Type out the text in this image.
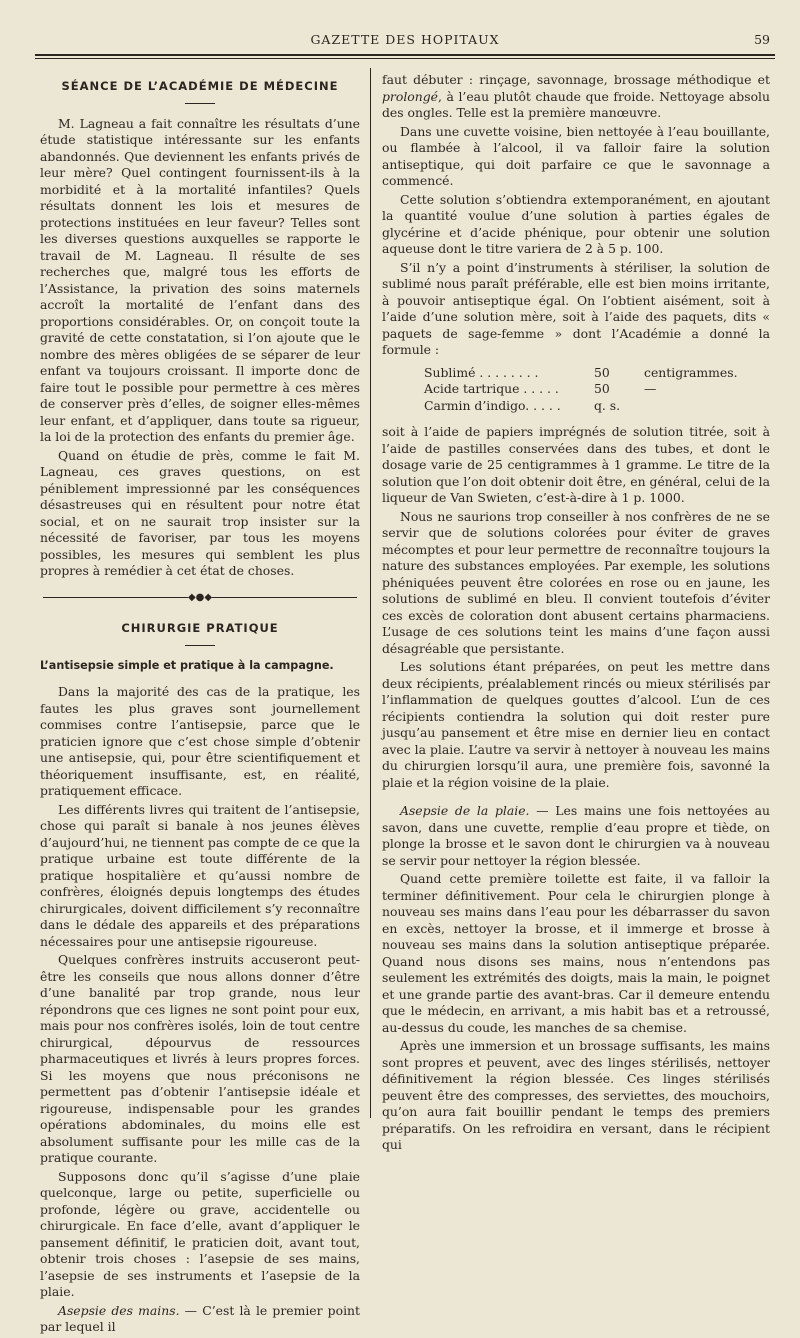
GAZETTE DES HOPITAUX	59
SÉANCE DE L’ACADÉMIE DE MÉDECINE

M. Lagneau a fait connaître les résultats d’une étude statistique intéressante sur les enfants abandonnés. Que deviennent les enfants privés de leur mère? Quel contingent fournissent-ils à la morbidité et à la mortalité infantiles? Quels résultats donnent les lois et mesures de protections instituées en leur faveur? Telles sont les diverses questions auxquelles se rapporte le travail de M. Lagneau. Il résulte de ses recherches que, malgré tous les efforts de l’Assistance, la privation des soins maternels accroît la mortalité de l’enfant dans des proportions considérables. Or, on conçoit toute la gravité de cette constatation, si l’on ajoute que le nombre des mères obligées de se séparer de leur enfant va toujours croissant. Il importe donc de faire tout le possible pour permettre à ces mères de conserver près d’elles, de soigner elles-mêmes leur enfant, et d’appliquer, dans toute sa rigueur, la loi de la protection des enfants du premier âge.

Quand on étudie de près, comme le fait M. Lagneau, ces graves questions, on est péniblement impressionné par les conséquences désastreuses qui en résultent pour notre état social, et on ne saurait trop insister sur la nécessité de favoriser, par tous les moyens possibles, les mesures qui semblent les plus propres à remédier à cet état de choses.

◆●◆
CHIRURGIE PRATIQUE
L’antisepsie simple et pratique à la campagne.

Dans la majorité des cas de la pratique, les fautes les plus graves sont journellement commises contre l’antisepsie, parce que le praticien ignore que c’est chose simple d’obtenir une antisepsie, qui, pour être scientifiquement et théoriquement insuffisante, est, en réalité, pratiquement efficace.

Les différents livres qui traitent de l’antisepsie, chose qui paraît si banale à nos jeunes élèves d’aujourd’hui, ne tiennent pas compte de ce que la pratique urbaine est toute différente de la pratique hospitalière et qu’aussi nombre de confrères, éloignés depuis longtemps des études chirurgicales, doivent difficilement s’y reconnaître dans le dédale des appareils et des préparations nécessaires pour une antisepsie rigoureuse.

Quelques confrères instruits accuseront peut-être les conseils que nous allons donner d’être d’une banalité par trop grande, nous leur répondrons que ces lignes ne sont point pour eux, mais pour nos confrères isolés, loin de tout centre chirurgical, dépourvus de ressources pharmaceutiques et livrés à leurs propres forces. Si les moyens que nous préconisons ne permettent pas d’obtenir l’antisepsie idéale et rigoureuse, indispensable pour les grandes opérations abdominales, du moins elle est absolument suffisante pour les mille cas de la pratique courante.

Supposons donc qu’il s’agisse d’une plaie quelconque, large ou petite, superficielle ou profonde, légère ou grave, accidentelle ou chirurgicale. En face d’elle, avant d’appliquer le pansement définitif, le praticien doit, avant tout, obtenir trois choses : l’asepsie de ses mains, l’asepsie de ses instruments et l’asepsie de la plaie.

Asepsie des mains. — C’est là le premier point par lequel il

faut débuter : rinçage, savonnage, brossage méthodique et prolongé, à l’eau plutôt chaude que froide. Nettoyage absolu des ongles. Telle est la première manœuvre.

Dans une cuvette voisine, bien nettoyée à l’eau bouillante, ou flambée à l’alcool, il va falloir faire la solution antiseptique, qui doit parfaire ce que le savonnage a commencé.

Cette solution s’obtiendra extemporanément, en ajoutant la quantité voulue d’une solution à parties égales de glycérine et d’acide phénique, pour obtenir une solution aqueuse dont le titre variera de 2 à 5 p. 100.

S’il n’y a point d’instruments à stériliser, la solution de sublimé nous paraît préférable, elle est bien moins irritante, à pouvoir antiseptique égal. On l’obtient aisément, soit à l’aide d’une solution mère, soit à l’aide des paquets, dits « paquets de sage-femme » dont l’Académie a donné la formule :

Sublimé . . . . . . . .	50	centigrammes.
Acide tartrique . . . . .	50	—
Carmin d’indigo. . . . .	q. s.

soit à l’aide de papiers imprégnés de solution titrée, soit à l’aide de pastilles conservées dans des tubes, et dont le dosage varie de 25 centigrammes à 1 gramme. Le titre de la solution que l’on doit obtenir doit être, en général, celui de la liqueur de Van Swieten, c’est-à-dire à 1 p. 1000.

Nous ne saurions trop conseiller à nos confrères de ne se servir que de solutions colorées pour éviter de graves mécomptes et pour leur permettre de reconnaître toujours la nature des substances employées. Par exemple, les solutions phéniquées peuvent être colorées en rose ou en jaune, les solutions de sublimé en bleu. Il convient toutefois d’éviter ces excès de coloration dont abusent certains pharmaciens. L’usage de ces solutions teint les mains d’une façon aussi désagréable que persistante.

Les solutions étant préparées, on peut les mettre dans deux récipients, préalablement rincés ou mieux stérilisés par l’inflammation de quelques gouttes d’alcool. L’un de ces récipients contiendra la solution qui doit rester pure jusqu’au pansement et être mise en dernier lieu en contact avec la plaie. L’autre va servir à nettoyer à nouveau les mains du chirurgien lorsqu’il aura, une première fois, savonné la plaie et la région voisine de la plaie.

Asepsie de la plaie. — Les mains une fois nettoyées au savon, dans une cuvette, remplie d’eau propre et tiède, on plonge la brosse et le savon dont le chirurgien va à nouveau se servir pour nettoyer la région blessée.

Quand cette première toilette est faite, il va falloir la terminer définitivement. Pour cela le chirurgien plonge à nouveau ses mains dans l’eau pour les débarrasser du savon en excès, nettoyer la brosse, et il immerge et brosse à nouveau ses mains dans la solution antiseptique préparée. Quand nous disons ses mains, nous n’entendons pas seulement les extrémités des doigts, mais la main, le poignet et une grande partie des avant-bras. Car il demeure entendu que le médecin, en arrivant, a mis habit bas et a retroussé, au-dessus du coude, les manches de sa chemise.

Après une immersion et un brossage suffisants, les mains sont propres et peuvent, avec des linges stérilisés, nettoyer définitivement la région blessée. Ces linges stérilisés peuvent être des compresses, des serviettes, des mouchoirs, qu’on aura fait bouillir pendant le temps des premiers préparatifs. On les refroidira en versant, dans le récipient qui
